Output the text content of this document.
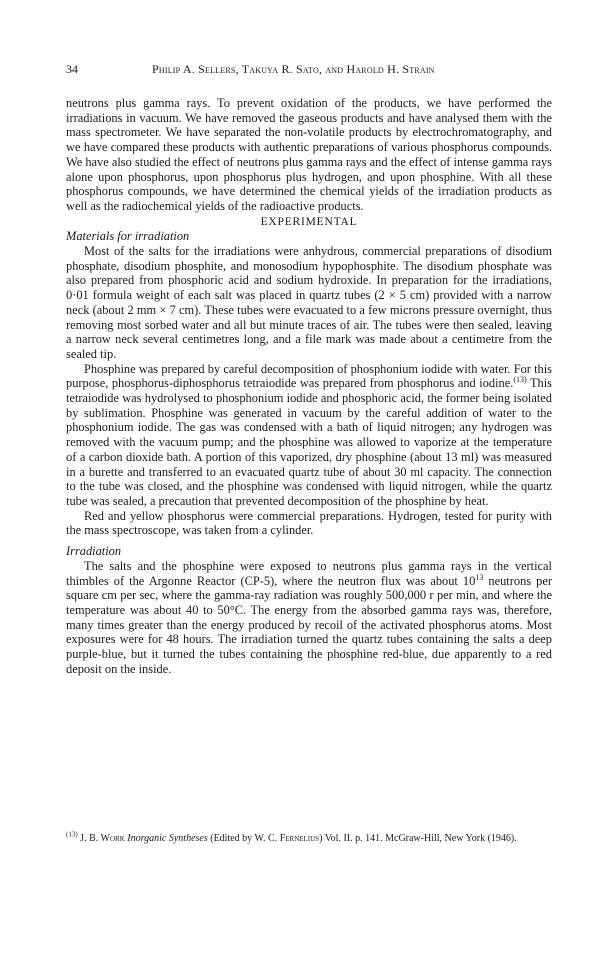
34	Philip A. Sellers, Takuya R. Sato, and Harold H. Strain

neutrons plus gamma rays. To prevent oxidation of the products, we have performed the irradiations in vacuum. We have removed the gaseous products and have analysed them with the mass spectrometer. We have separated the non-volatile products by electrochromatography, and we have compared these products with authentic preparations of various phosphorus compounds. We have also studied the effect of neutrons plus gamma rays and the effect of intense gamma rays alone upon phosphorus, upon phosphorus plus hydrogen, and upon phosphine. With all these phosphorus compounds, we have determined the chemical yields of the irradiation products as well as the radiochemical yields of the radioactive products.

EXPERIMENTAL
Materials for irradiation

Most of the salts for the irradiations were anhydrous, commercial preparations of disodium phosphate, disodium phosphite, and monosodium hypophosphite. The disodium phosphate was also prepared from phosphoric acid and sodium hydroxide. In preparation for the irradiations, 0·01 formula weight of each salt was placed in quartz tubes (2 × 5 cm) provided with a narrow neck (about 2 mm × 7 cm). These tubes were evacuated to a few microns pressure overnight, thus removing most sorbed water and all but minute traces of air. The tubes were then sealed, leaving a narrow neck several centimetres long, and a file mark was made about a centimetre from the sealed tip.

Phosphine was prepared by careful decomposition of phosphonium iodide with water. For this purpose, phosphorus-diphosphorus tetraiodide was prepared from phosphorus and iodine.$^{(13)}$ This tetraiodide was hydrolysed to phosphonium iodide and phosphoric acid, the former being isolated by sublimation. Phosphine was generated in vacuum by the careful addition of water to the phosphonium iodide. The gas was condensed with a bath of liquid nitrogen; any hydrogen was removed with the vacuum pump; and the phosphine was allowed to vaporize at the temperature of a carbon dioxide bath. A portion of this vaporized, dry phosphine (about 13 ml) was measured in a burette and transferred to an evacuated quartz tube of about 30 ml capacity. The connection to the tube was closed, and the phosphine was condensed with liquid nitrogen, while the quartz tube was sealed, a precaution that prevented decomposition of the phosphine by heat.

Red and yellow phosphorus were commercial preparations. Hydrogen, tested for purity with the mass spectroscope, was taken from a cylinder.

Irradiation

The salts and the phosphine were exposed to neutrons plus gamma rays in the vertical thimbles of the Argonne Reactor (CP-5), where the neutron flux was about $10^{13}$ neutrons per square cm per sec, where the gamma-ray radiation was roughly 500,000 r per min, and where the temperature was about 40 to 50°C. The energy from the absorbed gamma rays was, therefore, many times greater than the energy produced by recoil of the activated phosphorus atoms. Most exposures were for 48 hours. The irradiation turned the quartz tubes containing the salts a deep purple-blue, but it turned the tubes containing the phosphine red-blue, due apparently to a red deposit on the inside.

$^{(13)}$ J. B. Work Inorganic Syntheses (Edited by W. C. Fernelius) Vol. II. p. 141. McGraw-Hill, New York (1946).
